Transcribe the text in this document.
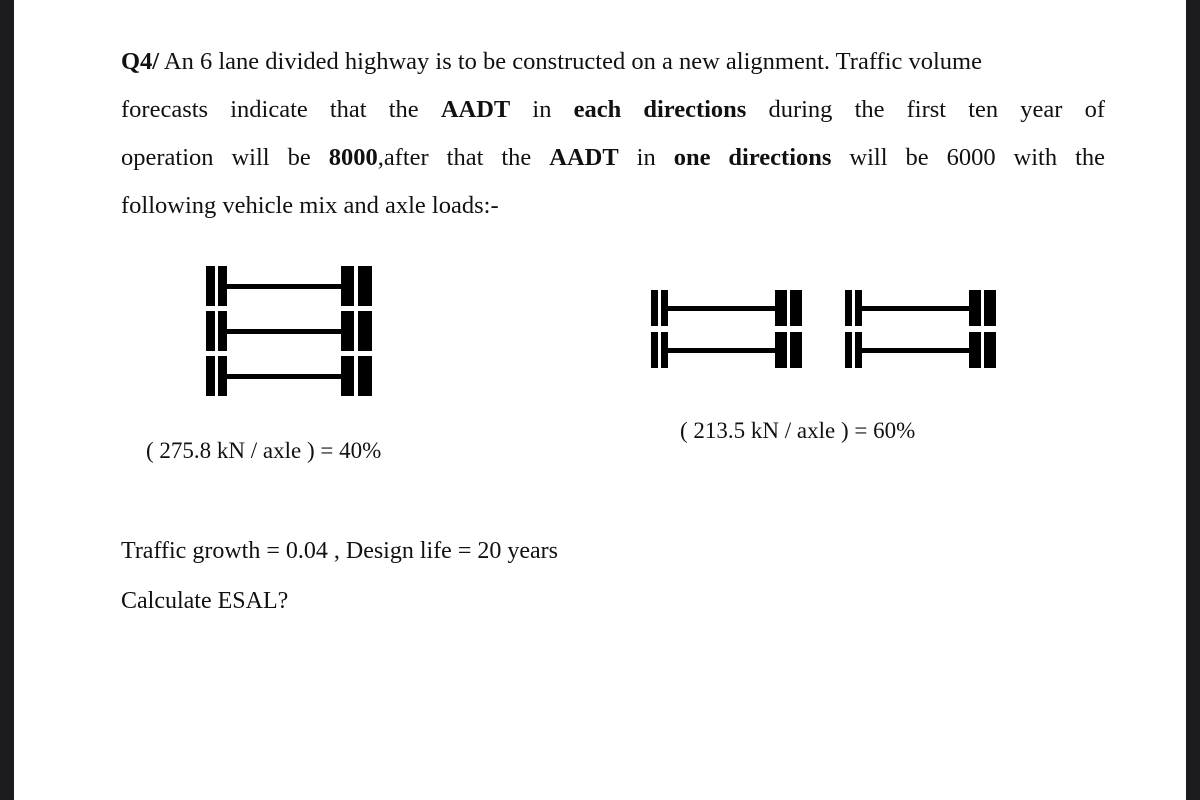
Q4/ An 6 lane divided highway is to be constructed on a new alignment. Traffic volume
forecasts indicate that the AADT in each directions during the first ten year of
operation will be 8000,after that the AADT in one directions will be 6000 with the
following vehicle mix and axle loads:-
( 275.8 kN / axle ) = 40%
( 213.5 kN / axle ) = 60%
Traffic growth = 0.04 , Design life = 20 years
Calculate ESAL?
